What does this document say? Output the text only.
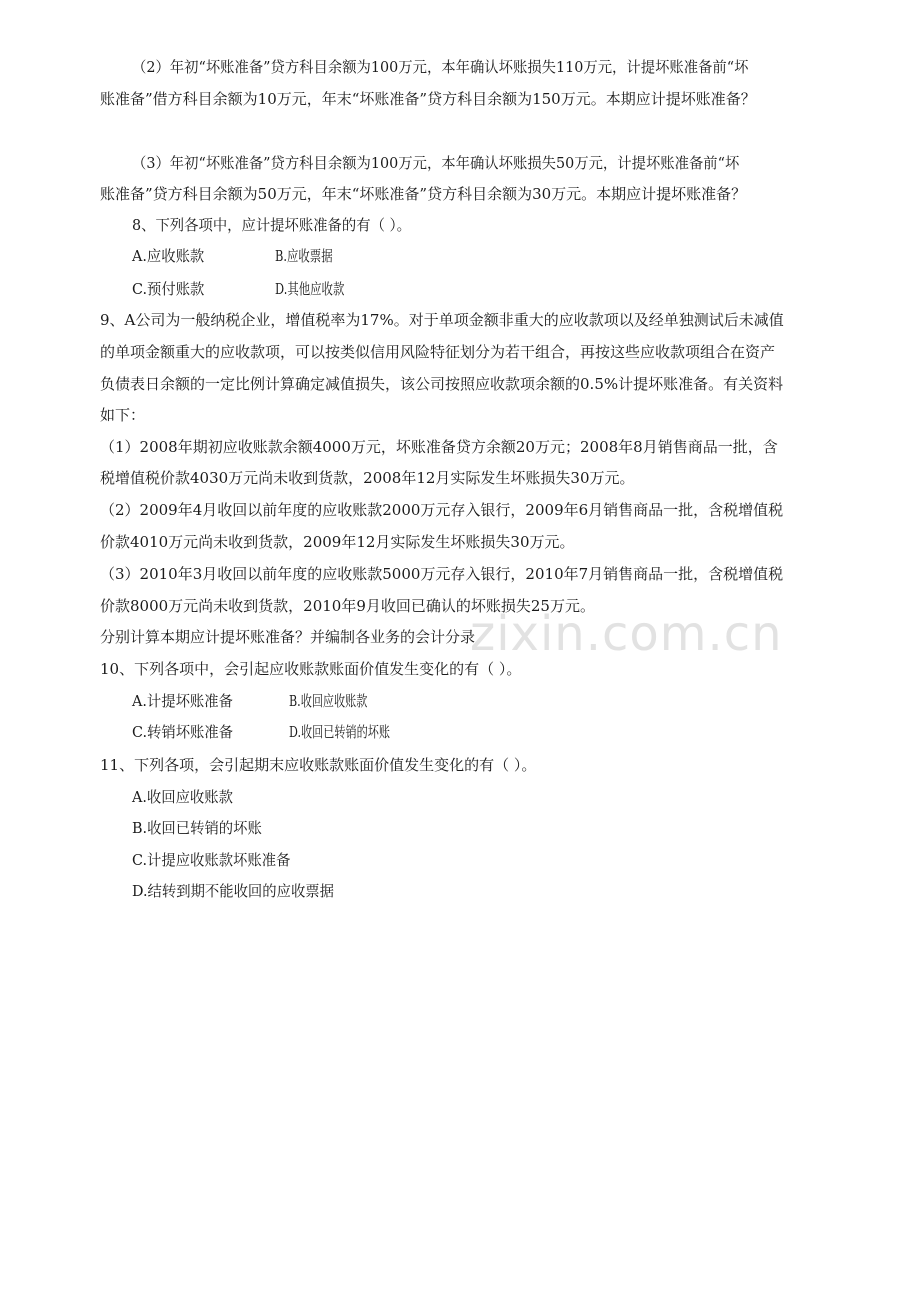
（2）年初“坏账准备”贷方科目余额为100万元，本年确认坏账损失110万元，计提坏账准备前“坏
账准备”借方科目余额为10万元，年末“坏账准备”贷方科目余额为150万元。本期应计提坏账准备？
（3）年初“坏账准备”贷方科目余额为100万元，本年确认坏账损失50万元，计提坏账准备前“坏
账准备”贷方科目余额为50万元，年末“坏账准备”贷方科目余额为30万元。本期应计提坏账准备？
8、下列各项中，应计提坏账准备的有（ ）。
A.应收账款	B.应收票据
C.预付账款	D.其他应收款
9、A公司为一般纳税企业，增值税率为17%。对于单项金额非重大的应收款项以及经单独测试后未减值
的单项金额重大的应收款项，可以按类似信用风险特征划分为若干组合，再按这些应收款项组合在资产
负债表日余额的一定比例计算确定减值损失，该公司按照应收款项余额的0.5%计提坏账准备。有关资料
如下：
（1）2008年期初应收账款余额4000万元，坏账准备贷方余额20万元；2008年8月销售商品一批，含
税增值税价款4030万元尚未收到货款，2008年12月实际发生坏账损失30万元。
（2）2009年4月收回以前年度的应收账款2000万元存入银行，2009年6月销售商品一批，含税增值税
价款4010万元尚未收到货款，2009年12月实际发生坏账损失30万元。
（3）2010年3月收回以前年度的应收账款5000万元存入银行，2010年7月销售商品一批，含税增值税
价款8000万元尚未收到货款，2010年9月收回已确认的坏账损失25万元。
分别计算本期应计提坏账准备？并编制各业务的会计分录
10、下列各项中，会引起应收账款账面价值发生变化的有（ ）。
A.计提坏账准备	B.收回应收账款
C.转销坏账准备	D.收回已转销的坏账
11、下列各项，会引起期末应收账款账面价值发生变化的有（ ）。
A.收回应收账款
B.收回已转销的坏账
C.计提应收账款坏账准备
D.结转到期不能收回的应收票据
zixin.com.cn
